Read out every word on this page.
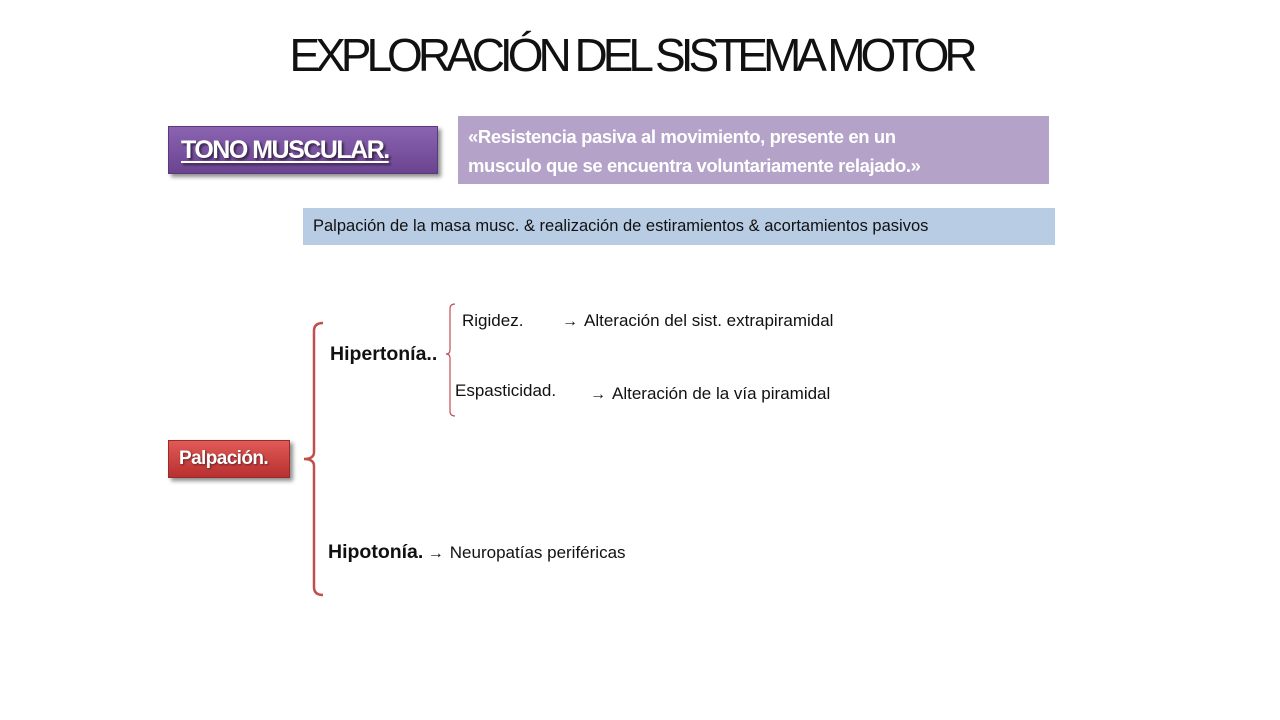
EXPLORACIÓN DEL SISTEMA MOTOR
TONO MUSCULAR.	«Resistencia pasiva al movimiento, presente en un
musculo que se encuentra voluntariamente relajado.»
Palpación de la masa musc. & realización de estiramientos & acortamientos pasivos
Palpación.
Hipertonía..
Rigidez. → Alteración del sist. extrapiramidal
Espasticidad. → Alteración de la vía piramidal
Hipotonía. → Neuropatías periféricas
